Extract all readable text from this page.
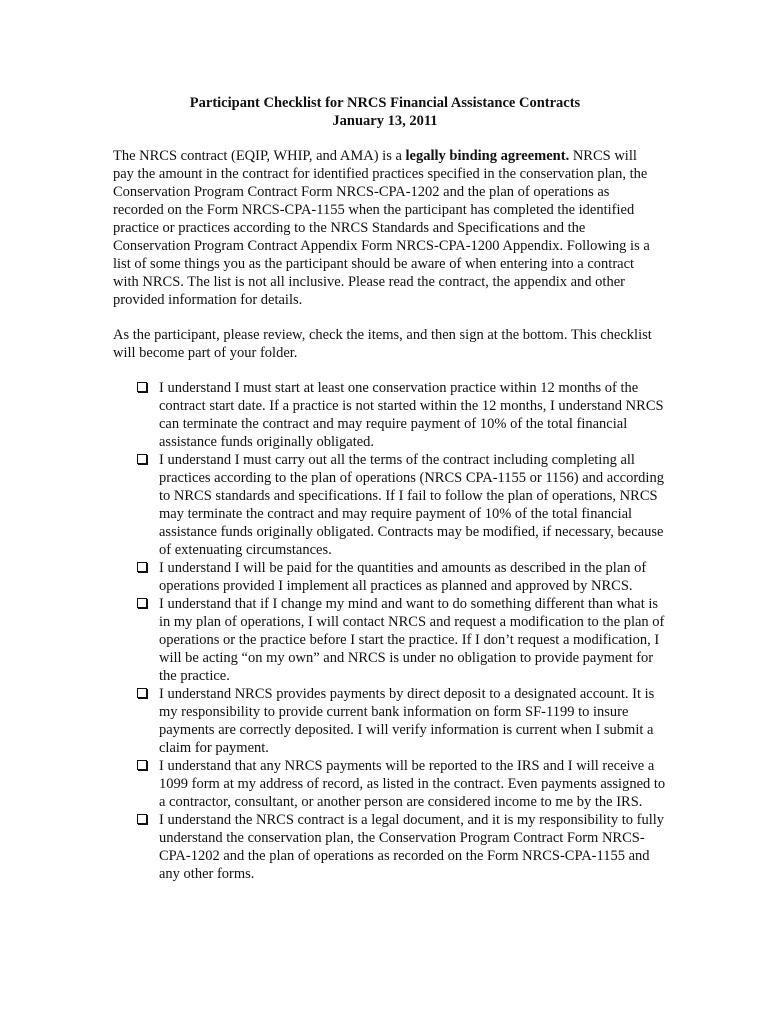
Participant Checklist for NRCS Financial Assistance Contracts
January 13, 2011
The NRCS contract (EQIP, WHIP, and AMA) is a legally binding agreement. NRCS will pay the amount in the contract for identified practices specified in the conservation plan, the Conservation Program Contract Form NRCS-CPA-1202 and the plan of operations as recorded on the Form NRCS-CPA-1155 when the participant has completed the identified practice or practices according to the NRCS Standards and Specifications and the Conservation Program Contract Appendix Form NRCS-CPA-1200 Appendix. Following is a list of some things you as the participant should be aware of when entering into a contract with NRCS. The list is not all inclusive. Please read the contract, the appendix and other provided information for details.
As the participant, please review, check the items, and then sign at the bottom. This checklist will become part of your folder.
I understand I must start at least one conservation practice within 12 months of the contract start date. If a practice is not started within the 12 months, I understand NRCS can terminate the contract and may require payment of 10% of the total financial assistance funds originally obligated.
I understand I must carry out all the terms of the contract including completing all practices according to the plan of operations (NRCS CPA-1155 or 1156) and according to NRCS standards and specifications. If I fail to follow the plan of operations, NRCS may terminate the contract and may require payment of 10% of the total financial assistance funds originally obligated. Contracts may be modified, if necessary, because of extenuating circumstances.
I understand I will be paid for the quantities and amounts as described in the plan of operations provided I implement all practices as planned and approved by NRCS.
I understand that if I change my mind and want to do something different than what is in my plan of operations, I will contact NRCS and request a modification to the plan of operations or the practice before I start the practice. If I don’t request a modification, I will be acting “on my own” and NRCS is under no obligation to provide payment for the practice.
I understand NRCS provides payments by direct deposit to a designated account. It is my responsibility to provide current bank information on form SF-1199 to insure payments are correctly deposited. I will verify information is current when I submit a claim for payment.
I understand that any NRCS payments will be reported to the IRS and I will receive a 1099 form at my address of record, as listed in the contract. Even payments assigned to a contractor, consultant, or another person are considered income to me by the IRS.
I understand the NRCS contract is a legal document, and it is my responsibility to fully understand the conservation plan, the Conservation Program Contract Form NRCS-CPA-1202 and the plan of operations as recorded on the Form NRCS-CPA-1155 and any other forms.
